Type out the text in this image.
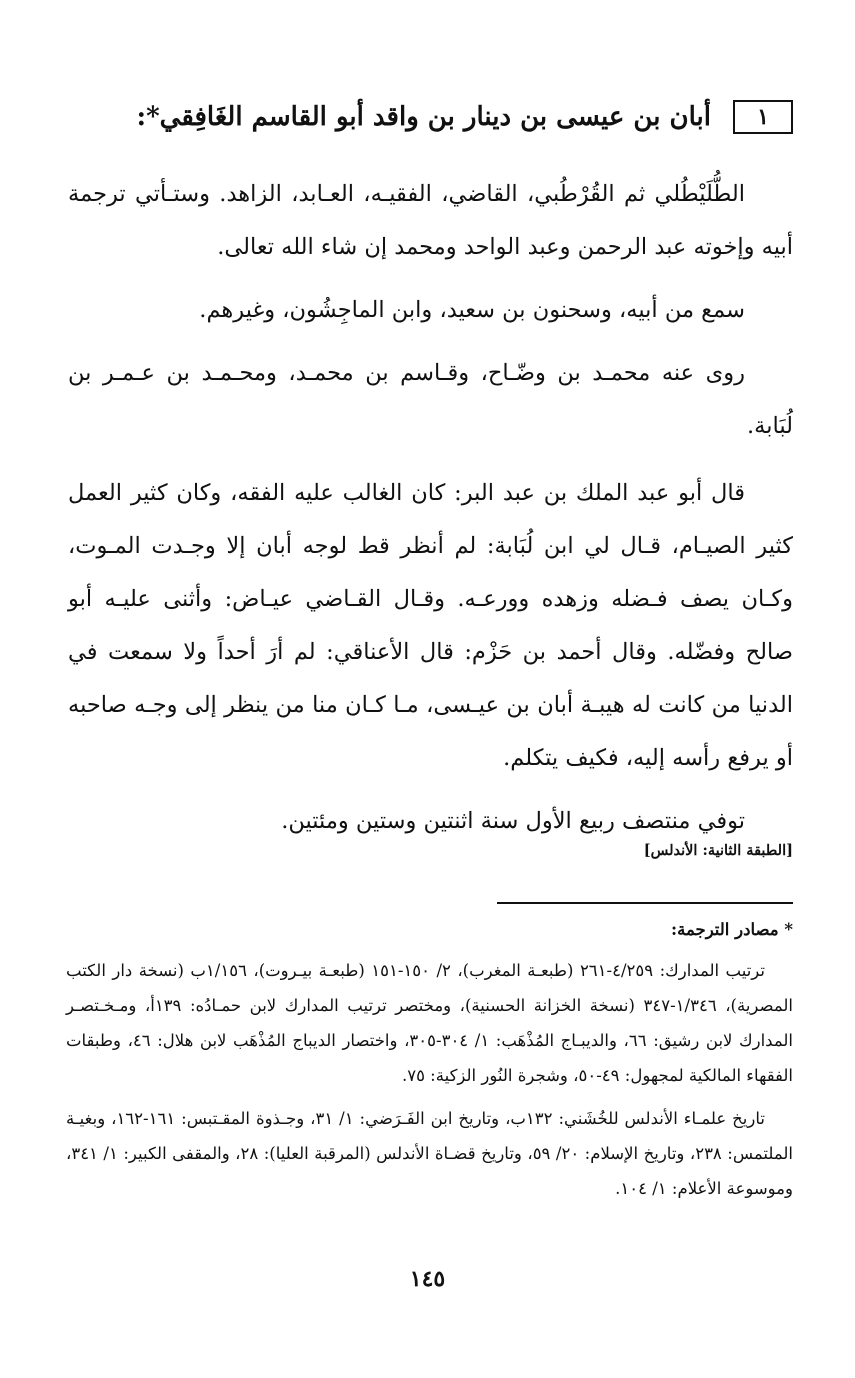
١
أبان بن عيسى بن دينار بن واقد أبو القاسم الغَافِقي*:

الطُّلَيْطُلي ثم القُرْطُبي، القاضي، الفقيـه، العـابد، الزاهد. وستـأتي ترجمة أبيه وإخوته عبد الرحمن وعبد الواحد ومحمد إن شاء الله تعالى.

سمع من أبيه، وسحنون بن سعيد، وابن الماجِشُون، وغيرهم.

روى عنه محمـد بن وضّـاح، وقـاسم بن محمـد، ومحـمـد بن عـمـر بن لُبَابة.

قال أبو عبد الملك بن عبد البر: كان الغالب عليه الفقه، وكان كثير العمل كثير الصيـام، قـال لي ابن لُبَابة: لم أنظر قط لوجه أبان إلا وجـدت المـوت، وكـان يصف فـضله وزهده وورعـه. وقـال القـاضي عيـاض: وأثنى عليـه أبو صالح وفضّله. وقال أحمد بن حَزْم: قال الأعناقي: لم أرَ أحداً ولا سمعت في الدنيا من كانت له هيبـة أبان بن عيـسى، مـا كـان منا من ينظر إلى وجـه صاحبه أو يرفع رأسه إليه، فكيف يتكلم.

توفي منتصف ربيع الأول سنة اثنتين وستين ومئتين.

[الطبقة الثانية: الأندلس]

* مصادر الترجمة:

ترتيب المدارك: ٤/٢٥٩-٢٦١ (طبعـة المغرب)، ٢/ ١٥٠-١٥١ (طبعـة بيـروت)، ١/١٥٦ب (نسخة دار الكتب المصرية)، ١/٣٤٦-٣٤٧ (نسخة الخزانة الحسنية)، ومختصر ترتيب المدارك لابن حمـادُه: ١٣٩أ، ومـخـتصـر المدارك لابن رشيق: ٦٦، والديبـاج المُذْهَب: ١/ ٣٠٤-٣٠٥، واختصار الديباج المُذْهَب لابن هلال: ٤٦، وطبقات الفقهاء المالكية لمجهول: ٤٩-٥٠، وشجرة النُور الزكية: ٧٥.

تاريخ علمـاء الأندلس للخُشَني: ١٣٢ب، وتاريخ ابن الفَـرَضي: ١/ ٣١، وجـذوة المقـتبس: ١٦١-١٦٢، وبغيـة الملتمس: ٢٣٨، وتاريخ الإسلام: ٢٠/ ٥٩، وتاريخ قضـاة الأندلس (المرقبة العليا): ٢٨، والمقفى الكبير: ١/ ٣٤١، وموسوعة الأعلام: ١/ ١٠٤.

١٤٥
